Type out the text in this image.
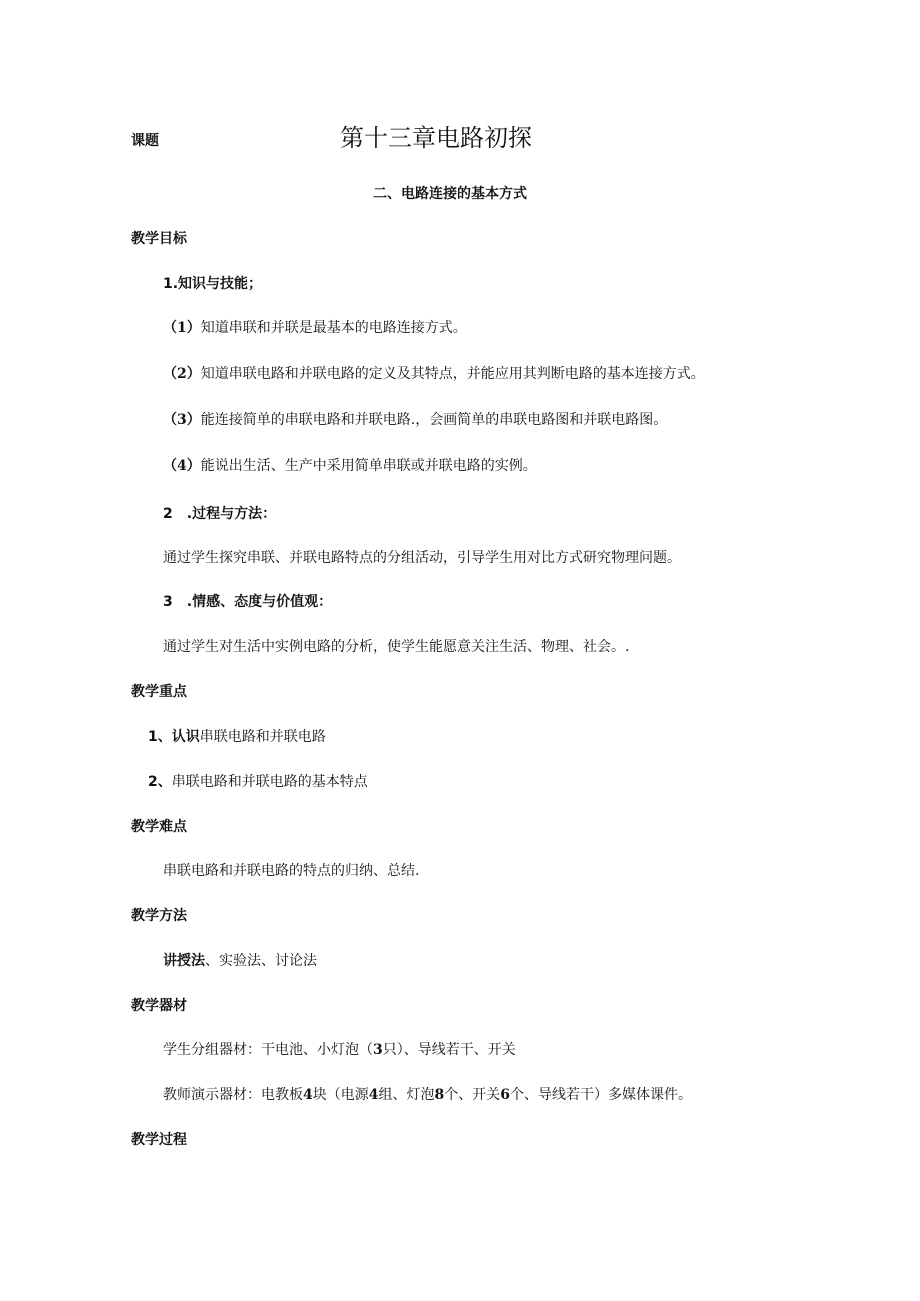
课题	第十三章电路初探
二、电路连接的基本方式
教学目标
1.知识与技能；
（1）知道串联和并联是最基本的电路连接方式。
（2）知道串联电路和并联电路的定义及其特点，并能应用其判断电路的基本连接方式。
（3）能连接简单的串联电路和并联电路.，会画简单的串联电路图和并联电路图。
（4）能说出生活、生产中采用简单串联或并联电路的实例。
2 .过程与方法：
通过学生探究串联、并联电路特点的分组活动，引导学生用对比方式研究物理问题。
3 .情感、态度与价值观：
通过学生对生活中实例电路的分析，使学生能愿意关注生活、物理、社会。.
教学重点
1、认识串联电路和并联电路
2、串联电路和并联电路的基本特点
教学难点
串联电路和并联电路的特点的归纳、总结.
教学方法
讲授法、实验法、讨论法
教学器材
学生分组器材：干电池、小灯泡（3只）、导线若干、开关
教师演示器材：电教板4块（电源4组、灯泡8个、开关6个、导线若干）多媒体课件。
教学过程
